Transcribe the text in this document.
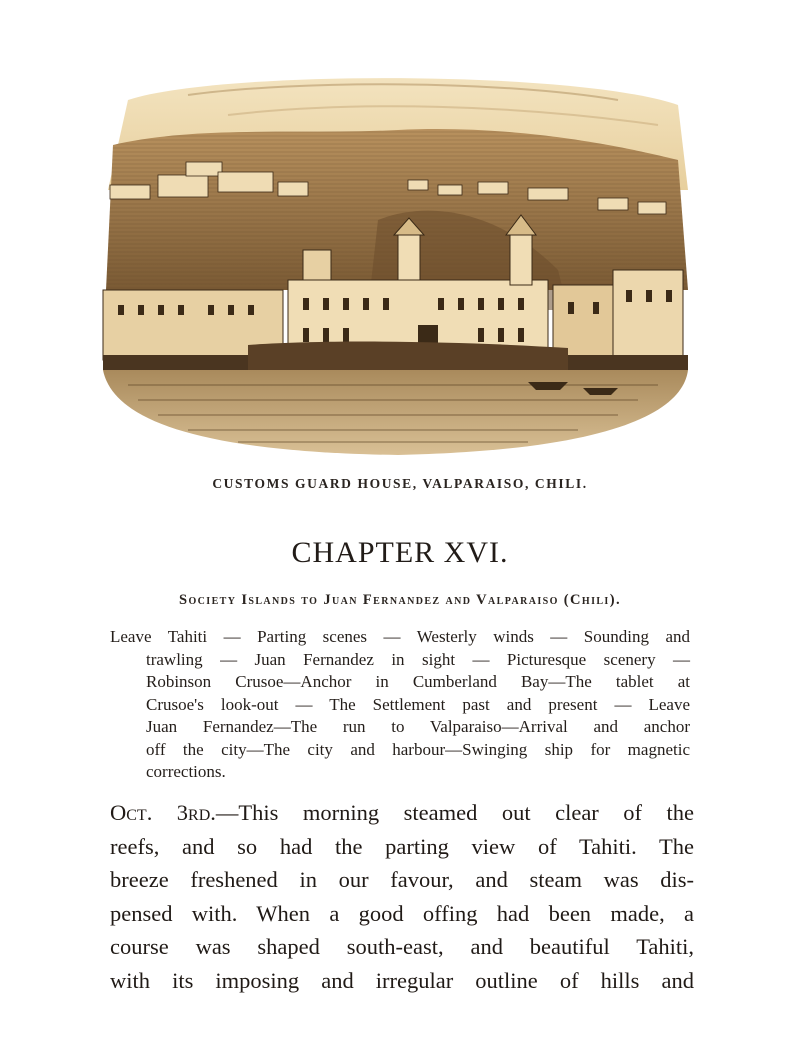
CUSTOMS GUARD HOUSE, VALPARAISO, CHILI.
CHAPTER XVI.
Society Islands to Juan Fernandez and Valparaiso (Chili).
Leave Tahiti — Parting scenes — Westerly winds — Sounding and
trawling — Juan Fernandez in sight — Picturesque scenery —
Robinson Crusoe—Anchor in Cumberland Bay—The tablet at
Crusoe's look-out — The Settlement past and present — Leave
Juan Fernandez—The run to Valparaiso—Arrival and anchor
off the city—The city and harbour—Swinging ship for magnetic
corrections.
Oct. 3rd.—This morning steamed out clear of the
reefs, and so had the parting view of Tahiti. The
breeze freshened in our favour, and steam was dis-
pensed with. When a good offing had been made, a
course was shaped south-east, and beautiful Tahiti,
with its imposing and irregular outline of hills and
